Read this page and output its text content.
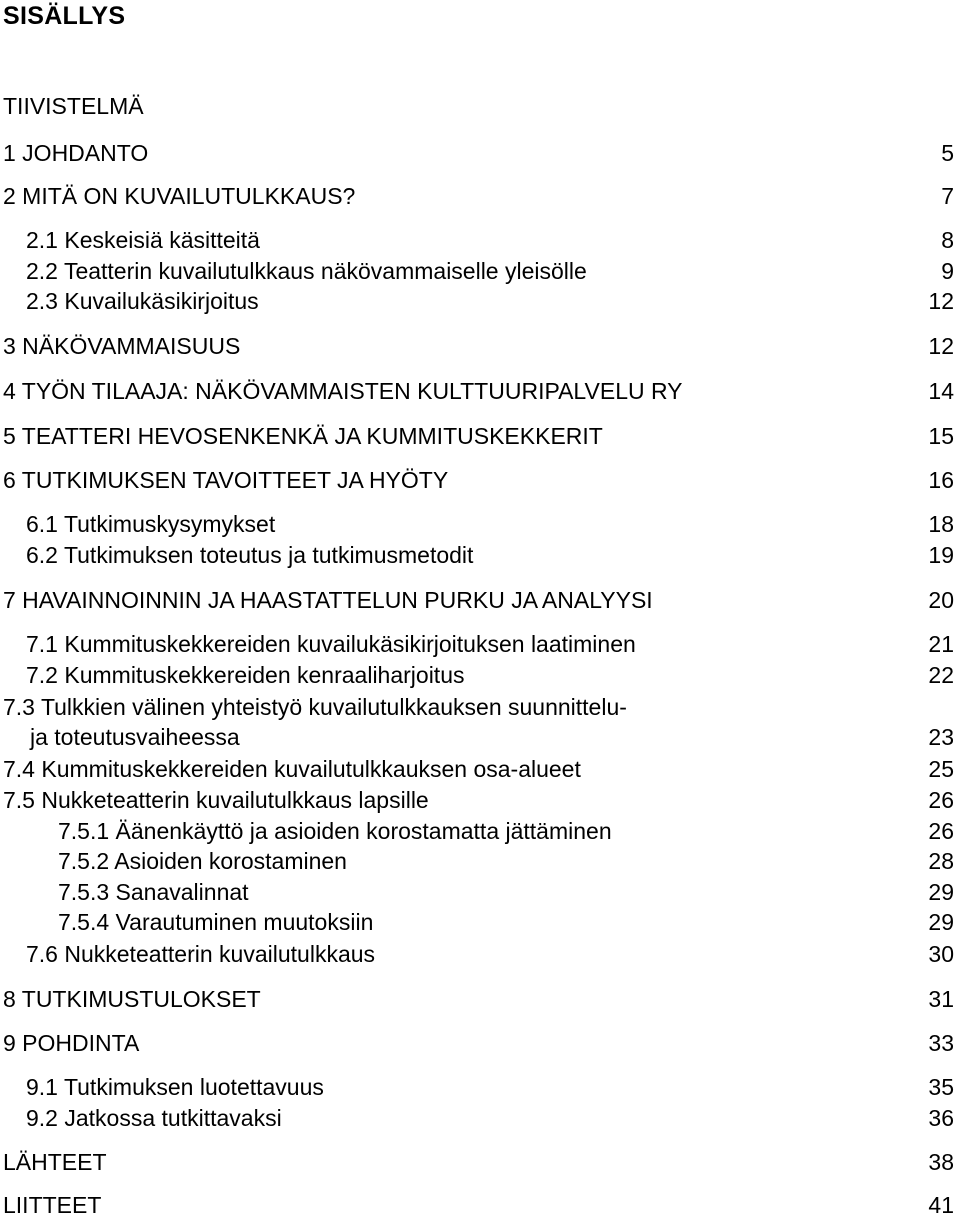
SISÄLLYS
TIIVISTELMÄ
1 JOHDANTO	5
2 MITÄ ON KUVAILUTULKKAUS?	7
2.1 Keskeisiä käsitteitä	8
2.2 Teatterin kuvailutulkkaus näkövammaiselle yleisölle	9
2.3 Kuvailukäsikirjoitus	12
3 NÄKÖVAMMAISUUS	12
4 TYÖN TILAAJA: NÄKÖVAMMAISTEN KULTTUURIPALVELU RY	14
5 TEATTERI HEVOSENKENKÄ JA KUMMITUSKEKKERIT	15
6 TUTKIMUKSEN TAVOITTEET JA HYÖTY	16
6.1 Tutkimuskysymykset	18
6.2 Tutkimuksen toteutus ja tutkimusmetodit	19
7 HAVAINNOINNIN JA HAASTATTELUN PURKU JA ANALYYSI	20
7.1 Kummituskekkereiden kuvailukäsikirjoituksen laatiminen	21
7.2 Kummituskekkereiden kenraaliharjoitus	22
7.3 Tulkkien välinen yhteistyö kuvailutulkkauksen suunnittelu-
ja toteutusvaiheessa	23
7.4 Kummituskekkereiden kuvailutulkkauksen osa-alueet	25
7.5 Nukketeatterin kuvailutulkkaus lapsille	26
7.5.1 Äänenkäyttö ja asioiden korostamatta jättäminen	26
7.5.2 Asioiden korostaminen	28
7.5.3 Sanavalinnat	29
7.5.4 Varautuminen muutoksiin	29
7.6 Nukketeatterin kuvailutulkkaus	30
8 TUTKIMUSTULOKSET	31
9 POHDINTA	33
9.1 Tutkimuksen luotettavuus	35
9.2 Jatkossa tutkittavaksi	36
LÄHTEET	38
LIITTEET	41
